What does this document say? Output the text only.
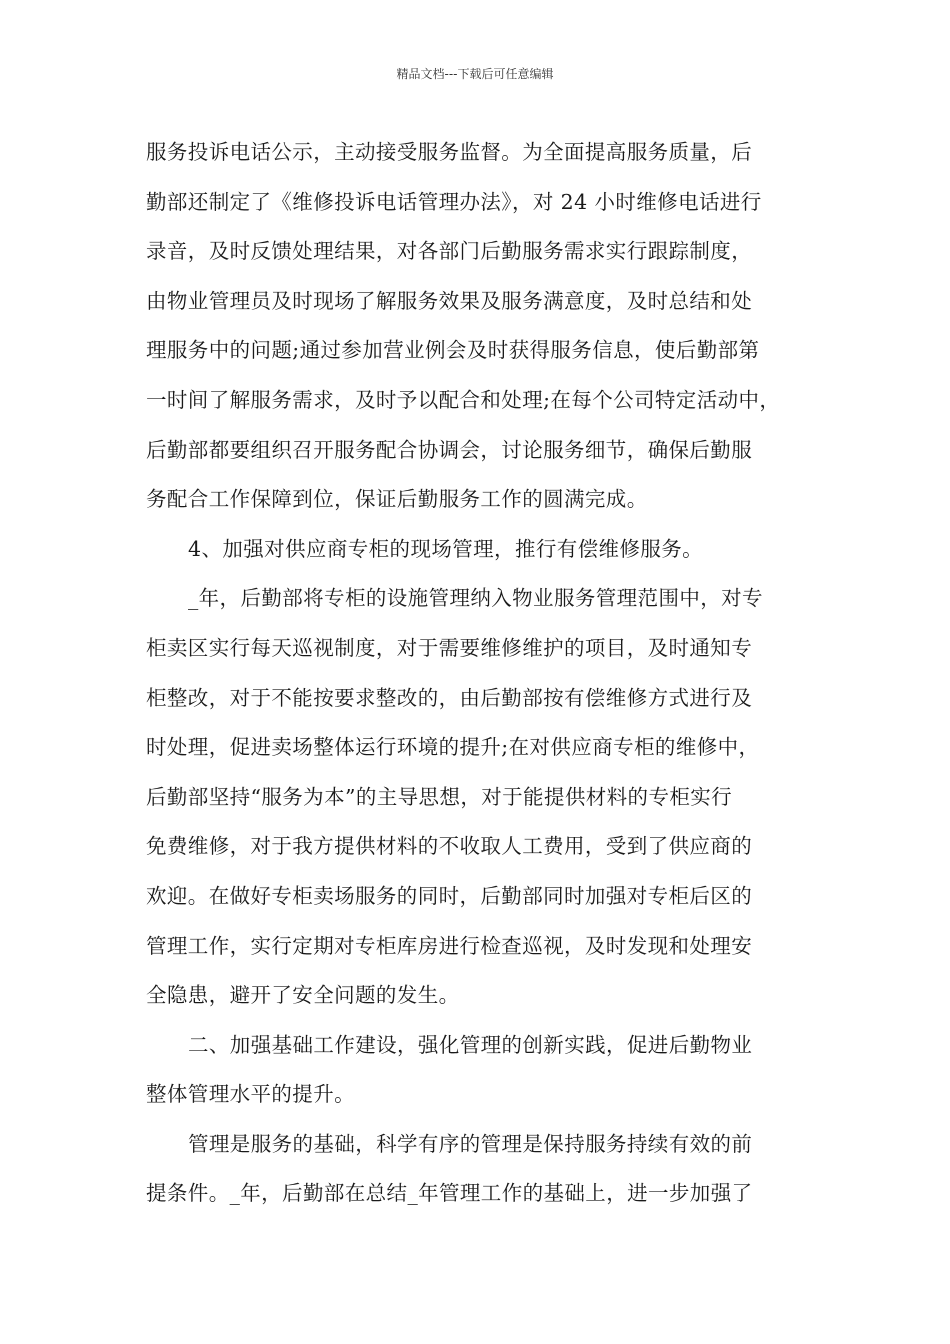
精品文档---下载后可任意编辑
服务投诉电话公示，主动接受服务监督。为全面提高服务质量，后
勤部还制定了《维修投诉电话管理办法》，对 24 小时维修电话进行
录音，及时反馈处理结果，对各部门后勤服务需求实行跟踪制度，
由物业管理员及时现场了解服务效果及服务满意度，及时总结和处
理服务中的问题;通过参加营业例会及时获得服务信息，使后勤部第
一时间了解服务需求，及时予以配合和处理;在每个公司特定活动中，
后勤部都要组织召开服务配合协调会，讨论服务细节，确保后勤服
务配合工作保障到位，保证后勤服务工作的圆满完成。
4、加强对供应商专柜的现场管理，推行有偿维修服务。
_年，后勤部将专柜的设施管理纳入物业服务管理范围中，对专
柜卖区实行每天巡视制度，对于需要维修维护的项目，及时通知专
柜整改，对于不能按要求整改的，由后勤部按有偿维修方式进行及
时处理，促进卖场整体运行环境的提升;在对供应商专柜的维修中，
后勤部坚持“服务为本”的主导思想，对于能提供材料的专柜实行
免费维修，对于我方提供材料的不收取人工费用，受到了供应商的
欢迎。在做好专柜卖场服务的同时，后勤部同时加强对专柜后区的
管理工作，实行定期对专柜库房进行检查巡视，及时发现和处理安
全隐患，避开了安全问题的发生。
二、加强基础工作建设，强化管理的创新实践，促进后勤物业
整体管理水平的提升。
管理是服务的基础，科学有序的管理是保持服务持续有效的前
提条件。_年，后勤部在总结_年管理工作的基础上，进一步加强了
